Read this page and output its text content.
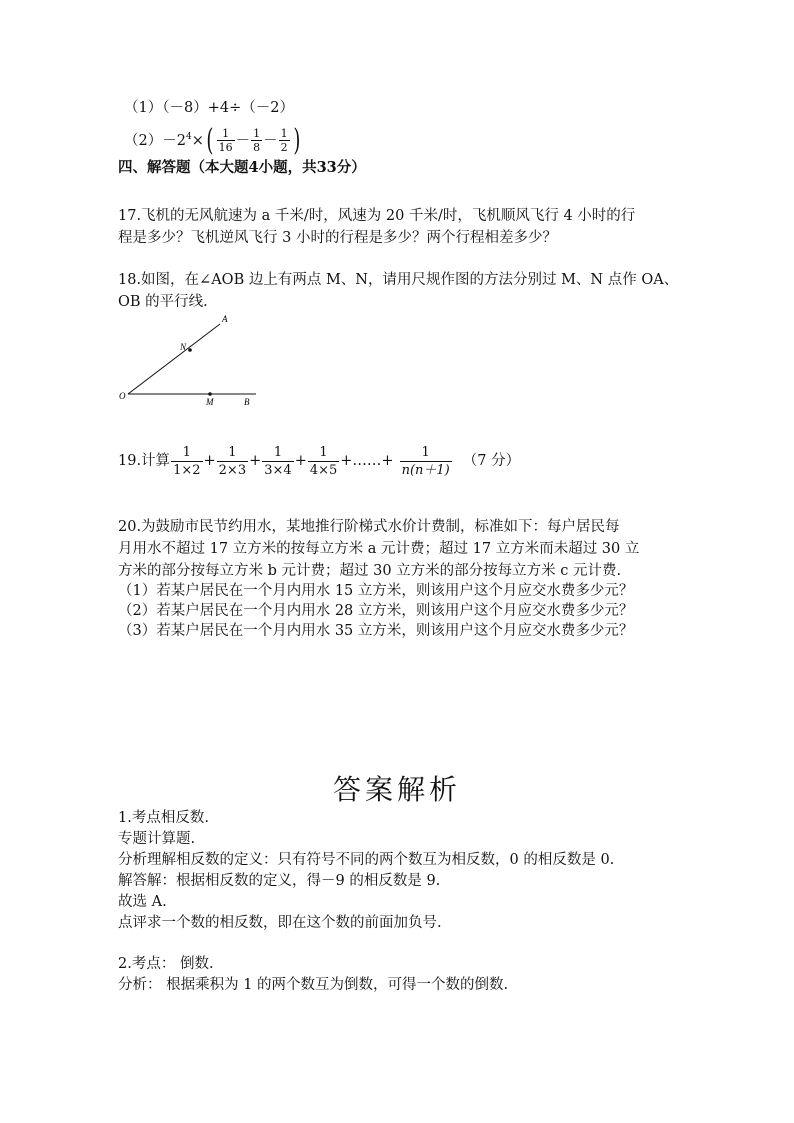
（1）（－8）+4÷（－2）
$(2)-2^4\times( \frac{1}{16} - \frac{1}{8} - \frac{1}{2}$ )
四、解答题（本大题4小题，共33分）
17.飞机的无风航速为 a 千米/时，风速为 20 千米/时，飞机顺风飞行 4 小时的行
程是多少？飞机逆风飞行 3 小时的行程是多少？两个行程相差多少？
18.如图，在∠AOB 边上有两点 M、N，请用尺规作图的方法分别过 M、N 点作 OA、
OB 的平行线.
A
N
O
M	B
19.计算 $\frac{1}{1\times 2} + \frac{1}{2\times 3} + \frac{1}{3\times 4} + \frac{1}{4\times 5}$ +……+ $\frac{1}{n(n+1)} (7$ 分）
20.为鼓励市民节约用水，某地推行阶梯式水价计费制，标准如下：每户居民每
月用水不超过 17 立方米的按每立方米 a 元计费；超过 17 立方米而未超过 30 立
方米的部分按每立方米 b 元计费；超过 30 立方米的部分按每立方米 c 元计费.
（1）若某户居民在一个月内用水 15 立方米，则该用户这个月应交水费多少元？
（2）若某户居民在一个月内用水 28 立方米，则该用户这个月应交水费多少元？
（3）若某户居民在一个月内用水 35 立方米，则该用户这个月应交水费多少元？
答案解析
1.考点相反数.
专题计算题.
分析理解相反数的定义：只有符号不同的两个数互为相反数，0 的相反数是 0.
解答解：根据相反数的定义，得－9 的相反数是 9.
故选 A.
点评求一个数的相反数，即在这个数的前面加负号.
2.考点： 倒数.
分析： 根据乘积为 1 的两个数互为倒数，可得一个数的倒数.
